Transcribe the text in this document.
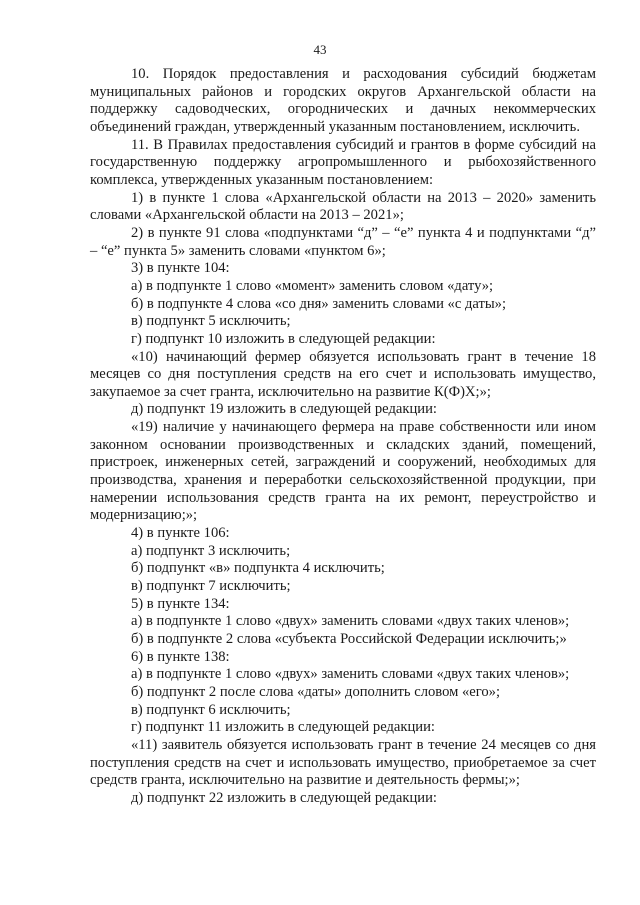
43

10. Порядок предоставления и расходования субсидий бюджетам муниципальных районов и городских округов Архангельской области на поддержку садоводческих, огороднических и дачных некоммерческих объединений граждан, утвержденный указанным постановлением, исключить.

11. В Правилах предоставления субсидий и грантов в форме субсидий на государственную поддержку агропромышленного и рыбохозяйственного комплекса, утвержденных указанным постановлением:

1) в пункте 1 слова «Архангельской области на 2013 – 2020» заменить словами «Архангельской области на 2013 – 2021»;

2) в пункте 91 слова «подпунктами “д” – “е” пункта 4 и подпунктами “д” – “е” пункта 5» заменить словами «пунктом 6»;

3) в пункте 104:

а) в подпункте 1 слово «момент» заменить словом «дату»;

б) в подпункте 4 слова «со дня» заменить словами «с даты»;

в) подпункт 5 исключить;

г) подпункт 10 изложить в следующей редакции:

«10) начинающий фермер обязуется использовать грант в течение 18 месяцев со дня поступления средств на его счет и использовать имущество, закупаемое за счет гранта, исключительно на развитие К(Ф)Х;»;

д) подпункт 19 изложить в следующей редакции:

«19) наличие у начинающего фермера на праве собственности или ином законном основании производственных и складских зданий, помещений, пристроек, инженерных сетей, заграждений и сооружений, необходимых для производства, хранения и переработки сельскохозяйственной продукции, при намерении использования средств гранта на их ремонт, переустройство и модернизацию;»;

4) в пункте 106:

а) подпункт 3 исключить;

б) подпункт «в» подпункта 4 исключить;

в) подпункт 7 исключить;

5) в пункте 134:

а) в подпункте 1 слово «двух» заменить словами «двух таких членов»;

б) в подпункте 2 слова «субъекта Российской Федерации исключить;»

6) в пункте 138:

а) в подпункте 1 слово «двух» заменить словами «двух таких членов»;

б) подпункт 2 после слова «даты» дополнить словом «его»;

в) подпункт 6 исключить;

г) подпункт 11 изложить в следующей редакции:

«11) заявитель обязуется использовать грант в течение 24 месяцев со дня поступления средств на счет и использовать имущество, приобретаемое за счет средств гранта, исключительно на развитие и деятельность фермы;»;

д) подпункт 22 изложить в следующей редакции:
